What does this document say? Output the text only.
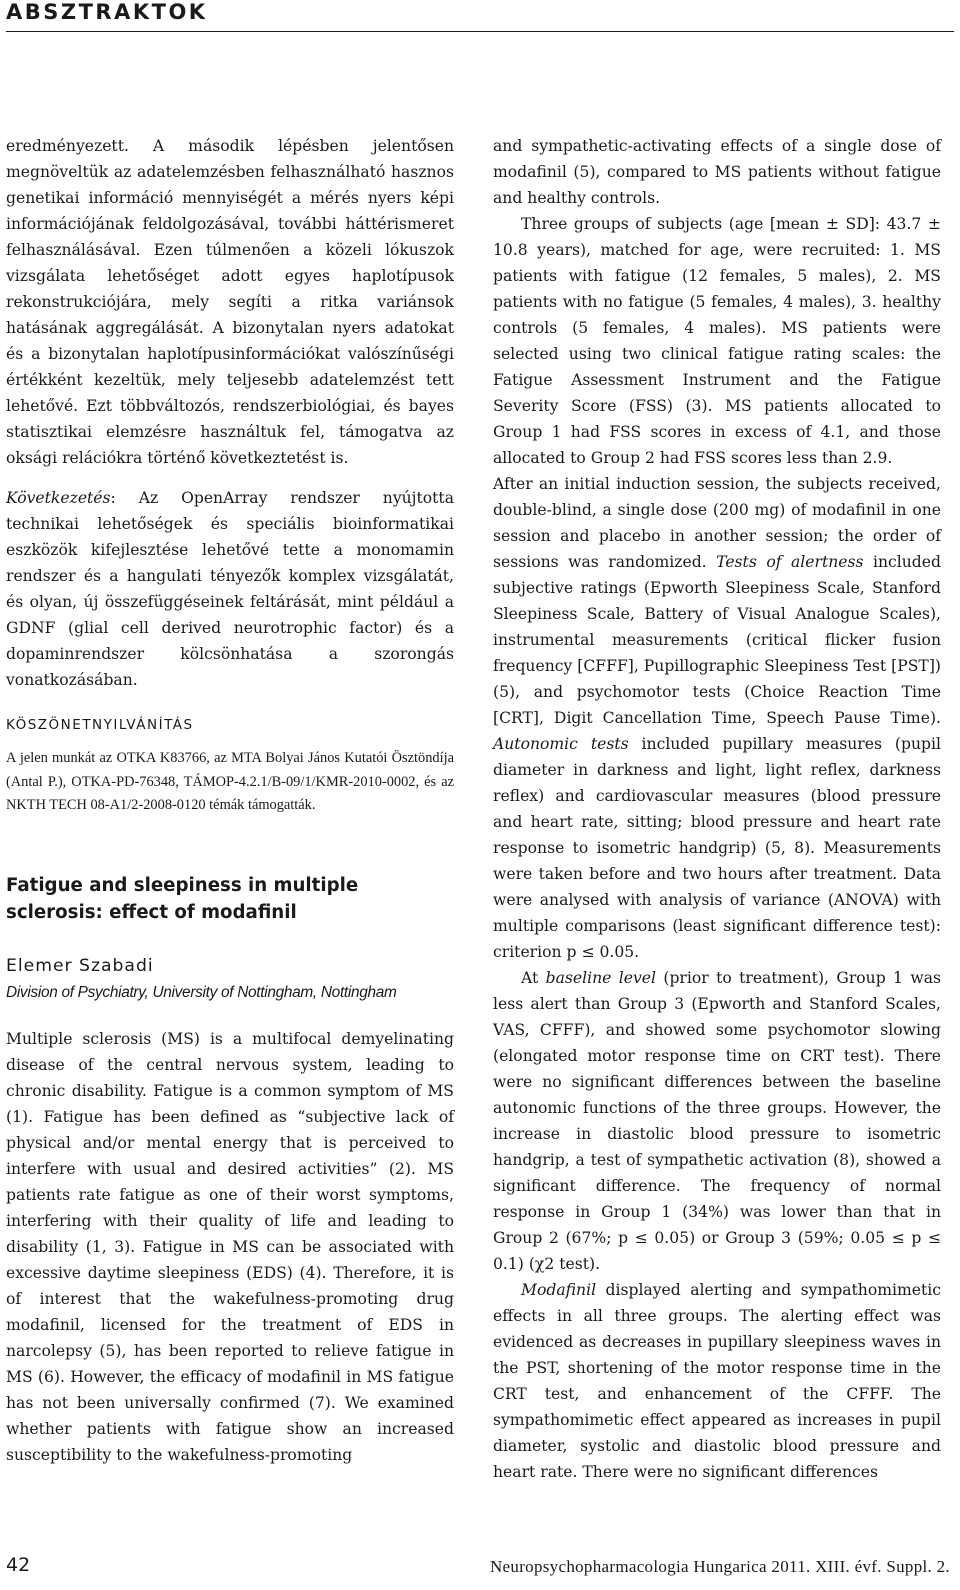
ABSZTRAKTOK

eredményezett. A második lépésben jelentősen megnöveltük az adatelemzésben felhasználható hasznos genetikai információ mennyiségét a mérés nyers képi információjának feldolgozásával, további háttérismeret felhasználásával. Ezen túlmenően a közeli lókuszok vizsgálata lehetőséget adott egyes haplotípusok rekonstrukciójára, mely segíti a ritka variánsok hatásának aggregálását. A bizonytalan nyers adatokat és a bizonytalan haplotípusinformációkat valószínűségi értékként kezeltük, mely teljesebb adatelemzést tett lehetővé. Ezt többváltozós, rendszerbiológiai, és bayes statisztikai elemzésre használtuk fel, támogatva az oksági relációkra történő következtetést is.

Következetés: Az OpenArray rendszer nyújtotta technikai lehetőségek és speciális bioinformatikai eszközök kifejlesztése lehetővé tette a monomamin rendszer és a hangulati tényezők komplex vizsgálatát, és olyan, új összefüggéseinek feltárását, mint például a GDNF (glial cell derived neurotrophic factor) és a dopaminrendszer kölcsönhatása a szorongás vonatkozásában.

KÖSZÖNETNYILVÁNÍTÁS

A jelen munkát az OTKA K83766, az MTA Bolyai János Kutatói Ösztöndíja (Antal P.), OTKA-PD-76348, TÁMOP-4.2.1/B-09/1/KMR-2010-0002, és az NKTH TECH 08-A1/2-2008-0120 témák támogatták.

Fatigue and sleepiness in multiple sclerosis: effect of modafinil
Elemer Szabadi
Division of Psychiatry, University of Nottingham, Nottingham

Multiple sclerosis (MS) is a multifocal demyelinating disease of the central nervous system, leading to chronic disability. Fatigue is a common symptom of MS (1). Fatigue has been defined as “subjective lack of physical and/or mental energy that is perceived to interfere with usual and desired activities” (2). MS patients rate fatigue as one of their worst symptoms, interfering with their quality of life and leading to disability (1, 3). Fatigue in MS can be associated with excessive daytime sleepiness (EDS) (4). Therefore, it is of interest that the wakefulness-promoting drug modafinil, licensed for the treatment of EDS in narcolepsy (5), has been reported to relieve fatigue in MS (6). However, the efficacy of modafinil in MS fatigue has not been universally confirmed (7). We examined whether patients with fatigue show an increased susceptibility to the wakefulness-promoting

and sympathetic-activating effects of a single dose of modafinil (5), compared to MS patients without fatigue and healthy controls.

Three groups of subjects (age [mean ± SD]: 43.7 ± 10.8 years), matched for age, were recruited: 1. MS patients with fatigue (12 females, 5 males), 2. MS patients with no fatigue (5 females, 4 males), 3. healthy controls (5 females, 4 males). MS patients were selected using two clinical fatigue rating scales: the Fatigue Assessment Instrument and the Fatigue Severity Score (FSS) (3). MS patients allocated to Group 1 had FSS scores in excess of 4.1, and those allocated to Group 2 had FSS scores less than 2.9.

After an initial induction session, the subjects received, double-blind, a single dose (200 mg) of modafinil in one session and placebo in another session; the order of sessions was randomized. Tests of alertness included subjective ratings (Epworth Sleepiness Scale, Stanford Sleepiness Scale, Battery of Visual Analogue Scales), instrumental measurements (critical flicker fusion frequency [CFFF], Pupillographic Sleepiness Test [PST]) (5), and psychomotor tests (Choice Reaction Time [CRT], Digit Cancellation Time, Speech Pause Time). Autonomic tests included pupillary measures (pupil diameter in darkness and light, light reflex, darkness reflex) and cardiovascular measures (blood pressure and heart rate, sitting; blood pressure and heart rate response to isometric handgrip) (5, 8). Measurements were taken before and two hours after treatment. Data were analysed with analysis of variance (ANOVA) with multiple comparisons (least significant difference test): criterion p ≤ 0.05.

At baseline level (prior to treatment), Group 1 was less alert than Group 3 (Epworth and Stanford Scales, VAS, CFFF), and showed some psychomotor slowing (elongated motor response time on CRT test). There were no significant differences between the baseline autonomic functions of the three groups. However, the increase in diastolic blood pressure to isometric handgrip, a test of sympathetic activation (8), showed a significant difference. The frequency of normal response in Group 1 (34%) was lower than that in Group 2 (67%; p ≤ 0.05) or Group 3 (59%; 0.05 ≤ p ≤ 0.1) (χ2 test).

Modafinil displayed alerting and sympathomimetic effects in all three groups. The alerting effect was evidenced as decreases in pupillary sleepiness waves in the PST, shortening of the motor response time in the CRT test, and enhancement of the CFFF. The sympathomimetic effect appeared as increases in pupil diameter, systolic and diastolic blood pressure and heart rate. There were no significant differences

42	Neuropsychopharmacologia Hungarica 2011. XIII. évf. Suppl. 2.
